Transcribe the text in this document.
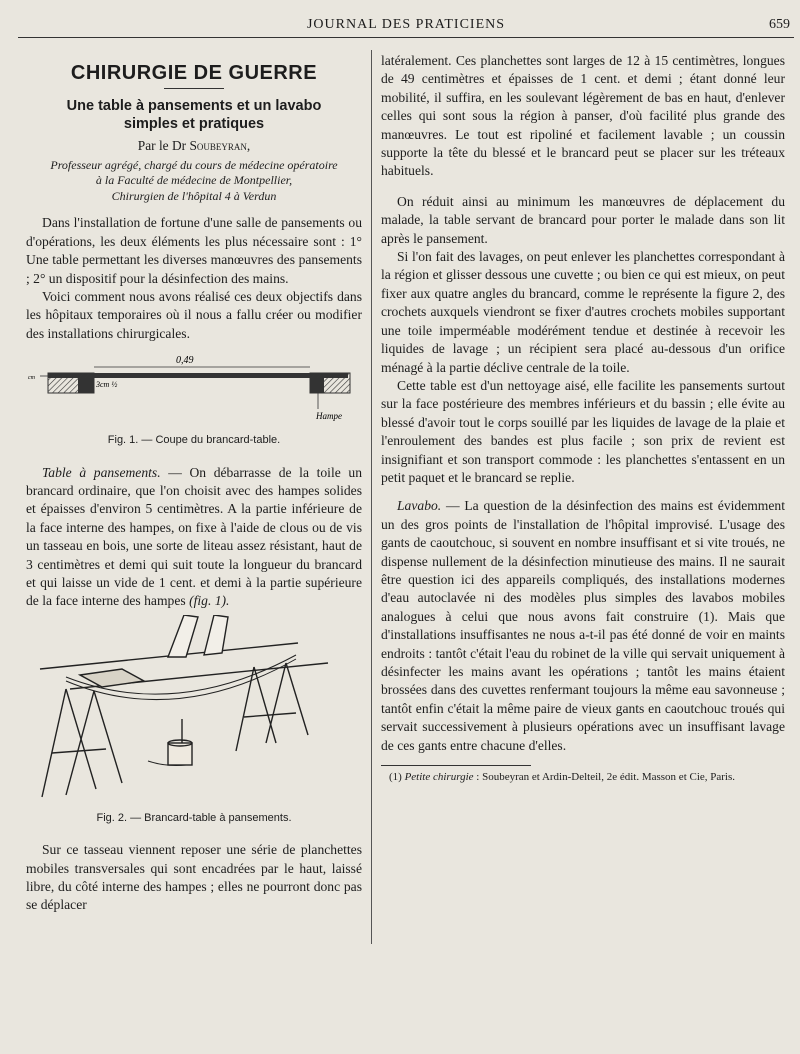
JOURNAL DES PRATICIENS	659
CHIRURGIE DE GUERRE
Une table à pansements et un lavabo
simples et pratiques
Par le Dr Soubeyran,
Professeur agrégé, chargé du cours de médecine opératoire
à la Faculté de médecine de Montpellier,
Chirurgien de l'hôpital 4 à Verdun

Dans l'installation de fortune d'une salle de pansements ou d'opérations, les deux éléments les plus nécessaire sont : 1° Une table permettant les diverses manœuvres des pansements ; 2° un dispositif pour la désinfection des mains.

Voici comment nous avons réalisé ces deux objectifs dans les hôpitaux temporaires où il nous a fallu créer ou modifier des installations chirurgicales.

0,49
3cm ½
cm
Hampe
Fig. 1. — Coupe du brancard-table.

Table à pansements. — On débarrasse de la toile un brancard ordinaire, que l'on choisit avec des hampes solides et épaisses d'environ 5 centimètres. A la partie inférieure de la face interne des hampes, on fixe à l'aide de clous ou de vis un tasseau en bois, une sorte de liteau assez résistant, haut de 3 centimètres et demi qui suit toute la longueur du brancard et qui laisse un vide de 1 cent. et demi à la partie supérieure de la face interne des hampes (fig. 1).

Fig. 2. — Brancard-table à pansements.

Sur ce tasseau viennent reposer une série de planchettes mobiles transversales qui sont encadrées par le haut, laissé libre, du côté interne des hampes ; elles ne pourront donc pas se déplacer

latéralement. Ces planchettes sont larges de 12 à 15 centimètres, longues de 49 centimètres et épaisses de 1 cent. et demi ; étant donné leur mobilité, il suffira, en les soulevant légèrement de bas en haut, d'enlever celles qui sont sous la région à panser, d'où facilité plus grande des manœuvres. Le tout est ripoliné et facilement lavable ; un coussin supporte la tête du blessé et le brancard peut se placer sur les tréteaux habituels.

On réduit ainsi au minimum les manœuvres de déplacement du malade, la table servant de brancard pour porter le malade dans son lit après le pansement.

Si l'on fait des lavages, on peut enlever les planchettes correspondant à la région et glisser dessous une cuvette ; ou bien ce qui est mieux, on peut fixer aux quatre angles du brancard, comme le représente la figure 2, des crochets auxquels viendront se fixer d'autres crochets mobiles supportant une toile imperméable modérément tendue et destinée à recevoir les liquides de lavage ; un récipient sera placé au-dessous d'un orifice ménagé à la partie déclive centrale de la toile.

Cette table est d'un nettoyage aisé, elle facilite les pansements surtout sur la face postérieure des membres inférieurs et du bassin ; elle évite au blessé d'avoir tout le corps souillé par les liquides de lavage de la plaie et l'enroulement des bandes est plus facile ; son prix de revient est insignifiant et son transport commode : les planchettes s'entassent en un petit paquet et le brancard se replie.

Lavabo. — La question de la désinfection des mains est évidemment un des gros points de l'installation de l'hôpital improvisé. L'usage des gants de caoutchouc, si souvent en nombre insuffisant et si vite troués, ne dispense nullement de la désinfection minutieuse des mains. Il ne saurait être question ici des appareils compliqués, des installations modernes d'eau autoclavée ni des modèles plus simples des lavabos mobiles analogues à celui que nous avons fait construire (1). Mais que d'installations insuffisantes ne nous a-t-il pas été donné de voir en maints endroits : tantôt c'était l'eau du robinet de la ville qui servait uniquement à désinfecter les mains avant les opérations ; tantôt les mains étaient brossées dans des cuvettes renfermant toujours la même eau savonneuse ; tantôt enfin c'était la même paire de vieux gants en caoutchouc troués qui servait successivement à plusieurs opérations avec un insuffisant lavage de ces gants entre chacune d'elles.

(1) Petite chirurgie : Soubeyran et Ardin-Delteil, 2e édit. Masson et Cie, Paris.
